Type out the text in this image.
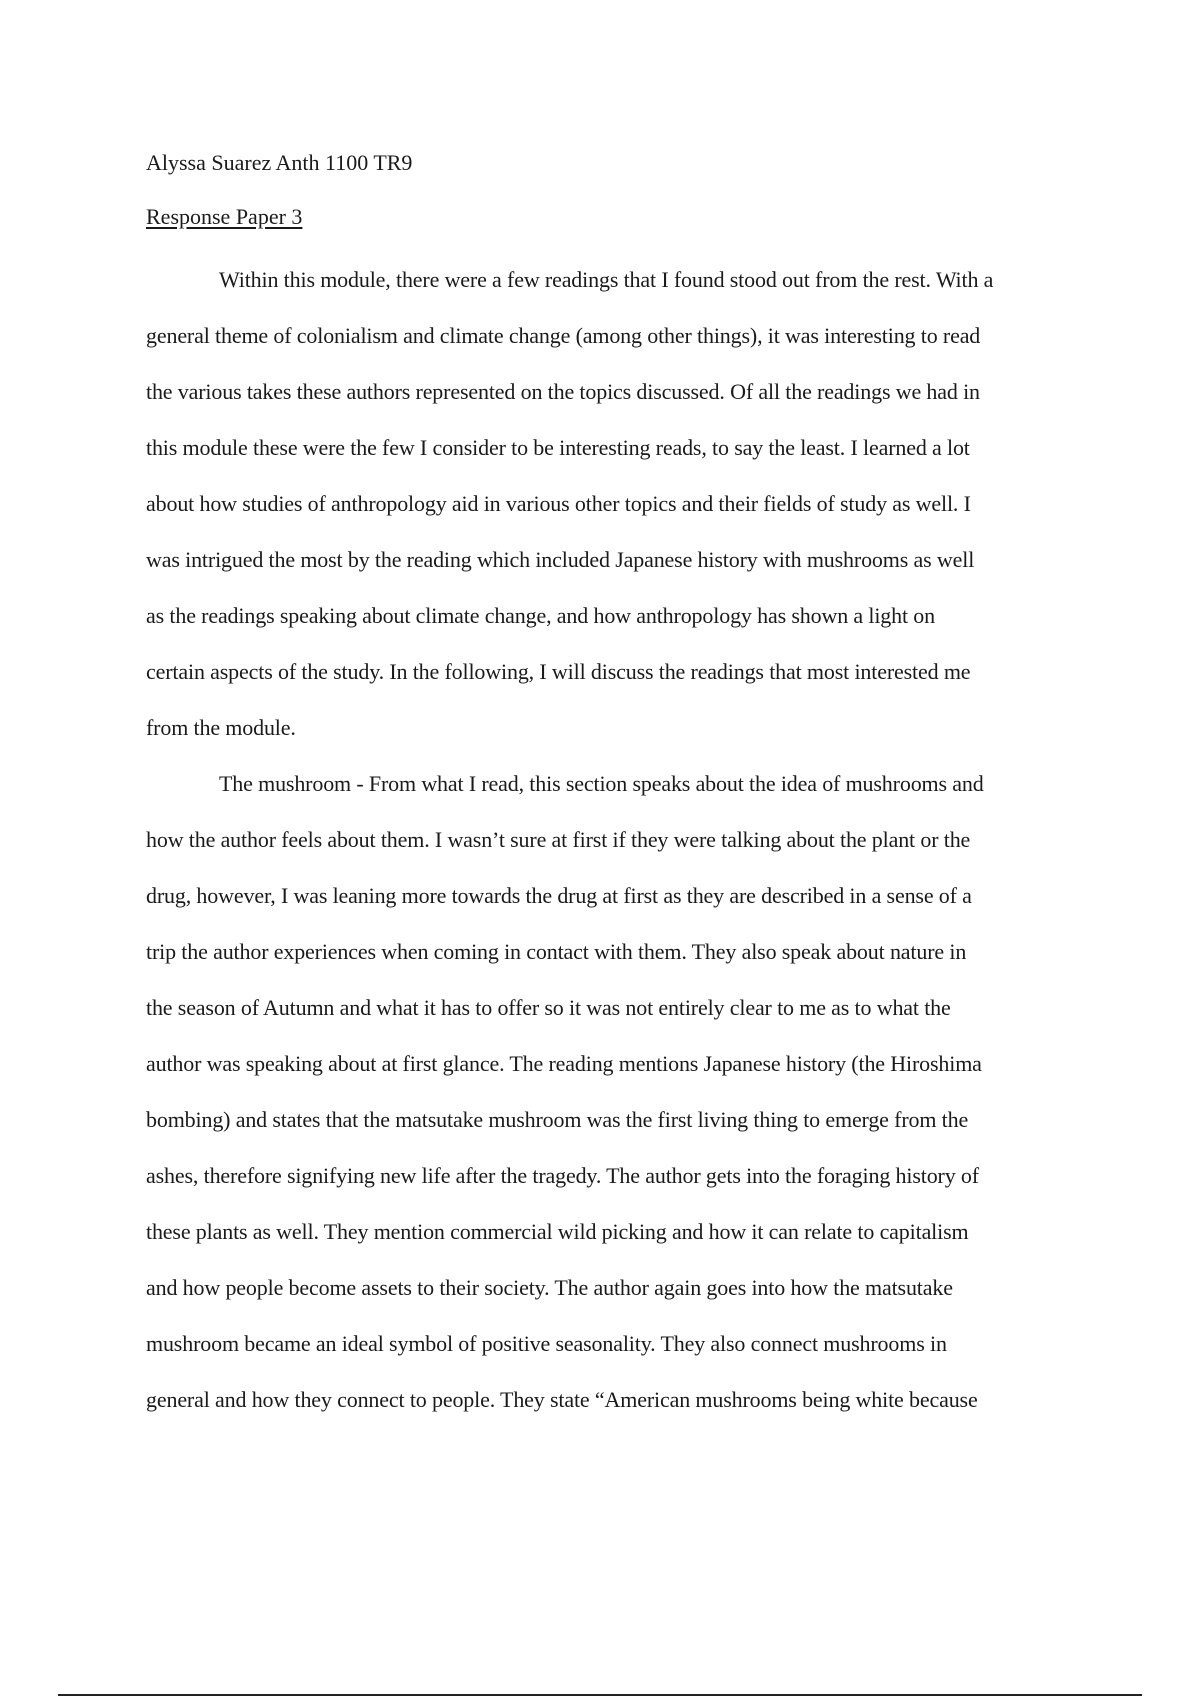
Alyssa Suarez Anth 1100 TR9
Response Paper 3
Within this module, there were a few readings that I found stood out from the rest. With a
general theme of colonialism and climate change (among other things), it was interesting to read
the various takes these authors represented on the topics discussed. Of all the readings we had in
this module these were the few I consider to be interesting reads, to say the least. I learned a lot
about how studies of anthropology aid in various other topics and their fields of study as well. I
was intrigued the most by the reading which included Japanese history with mushrooms as well
as the readings speaking about climate change, and how anthropology has shown a light on
certain aspects of the study. In the following, I will discuss the readings that most interested me
from the module.
The mushroom - From what I read, this section speaks about the idea of mushrooms and
how the author feels about them. I wasn’t sure at first if they were talking about the plant or the
drug, however, I was leaning more towards the drug at first as they are described in a sense of a
trip the author experiences when coming in contact with them. They also speak about nature in
the season of Autumn and what it has to offer so it was not entirely clear to me as to what the
author was speaking about at first glance. The reading mentions Japanese history (the Hiroshima
bombing) and states that the matsutake mushroom was the first living thing to emerge from the
ashes, therefore signifying new life after the tragedy. The author gets into the foraging history of
these plants as well. They mention commercial wild picking and how it can relate to capitalism
and how people become assets to their society. The author again goes into how the matsutake
mushroom became an ideal symbol of positive seasonality. They also connect mushrooms in
general and how they connect to people. They state “American mushrooms being white because
